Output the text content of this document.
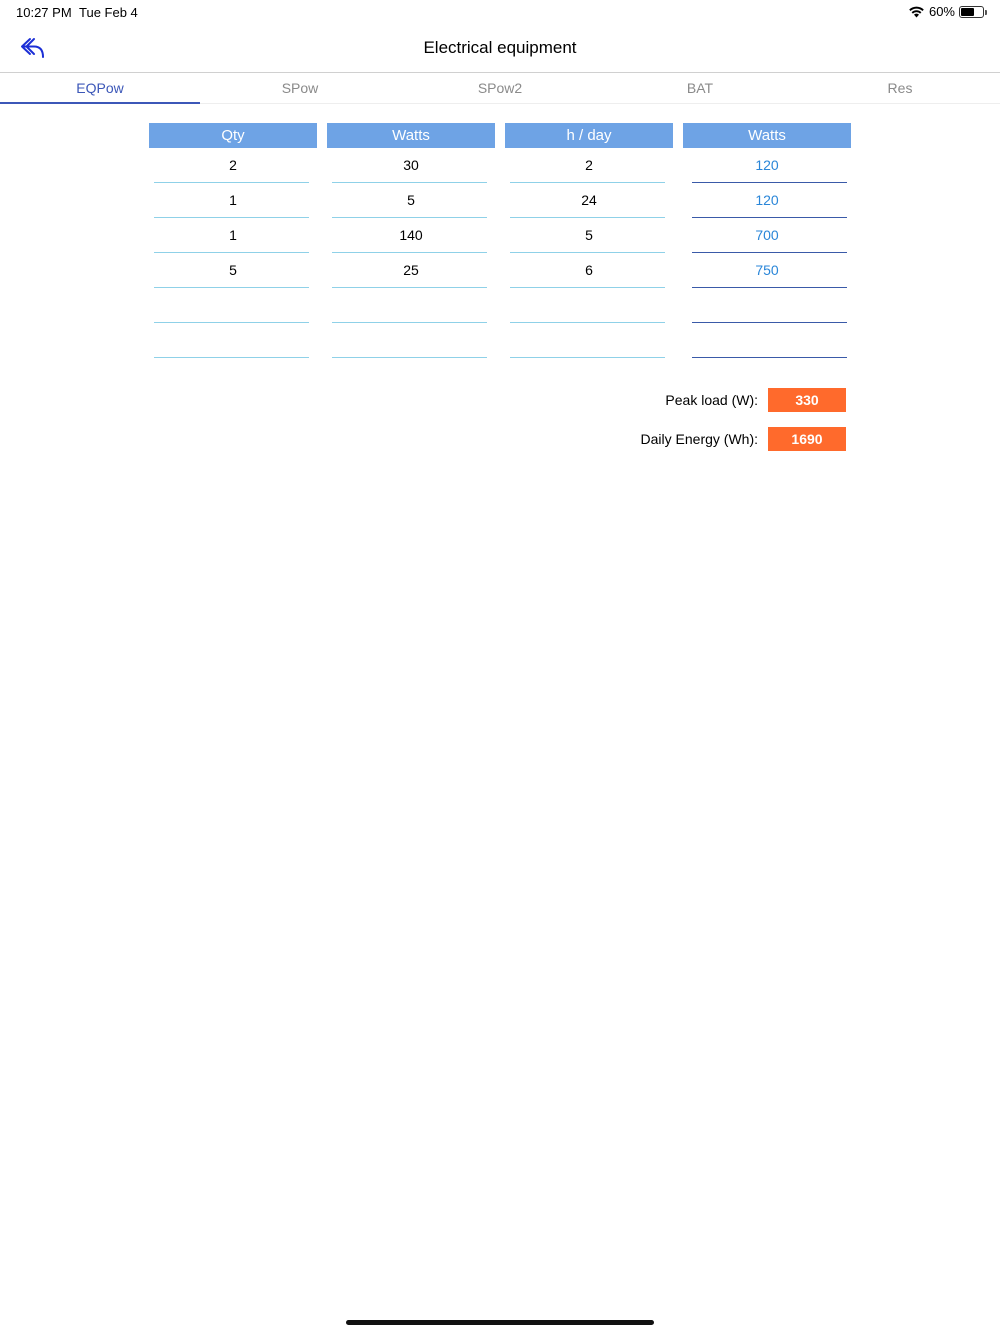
10:27 PM Tue Feb 4	60%
Electrical equipment
EQPow	SPow	SPow2	BAT	Res
Qty	Watts	h / day	Watts
2	30	2	120
1	5	24	120
1	140	5	700
5	25	6	750
Peak load (W):	330
Daily Energy (Wh):	1690
